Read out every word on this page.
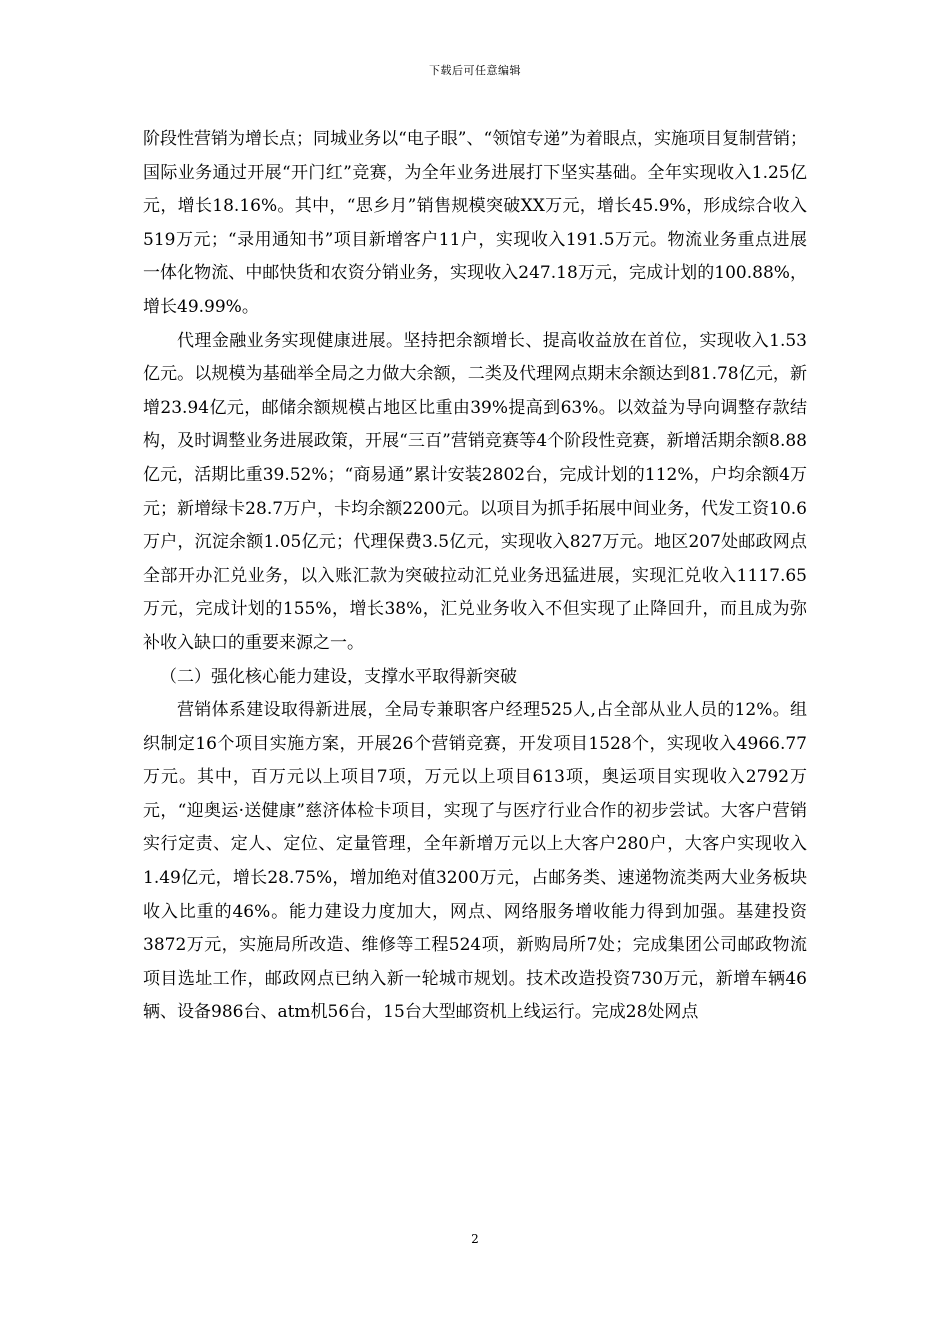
下载后可任意编辑

阶段性营销为增长点；同城业务以“电子眼”、“领馆专递”为着眼点，实施项目复制营销；国际业务通过开展“开门红”竞赛，为全年业务进展打下坚实基础。全年实现收入1.25亿元，增长18.16%。其中，“思乡月”销售规模突破XX万元，增长45.9%，形成综合收入519万元；“录用通知书”项目新增客户11户，实现收入191.5万元。物流业务重点进展一体化物流、中邮快货和农资分销业务，实现收入247.18万元，完成计划的100.88%，增长49.99%。

代理金融业务实现健康进展。坚持把余额增长、提高收益放在首位，实现收入1.53亿元。以规模为基础举全局之力做大余额，二类及代理网点期末余额达到81.78亿元，新增23.94亿元，邮储余额规模占地区比重由39%提高到63%。以效益为导向调整存款结构，及时调整业务进展政策，开展“三百”营销竞赛等4个阶段性竞赛，新增活期余额8.88亿元，活期比重39.52%；“商易通”累计安装2802台，完成计划的112%，户均余额4万元；新增绿卡28.7万户，卡均余额2200元。以项目为抓手拓展中间业务，代发工资10.6万户，沉淀余额1.05亿元；代理保费3.5亿元，实现收入827万元。地区207处邮政网点全部开办汇兑业务，以入账汇款为突破拉动汇兑业务迅猛进展，实现汇兑收入1117.65万元，完成计划的155%，增长38%，汇兑业务收入不但实现了止降回升，而且成为弥补收入缺口的重要来源之一。

（二）强化核心能力建设，支撑水平取得新突破

营销体系建设取得新进展，全局专兼职客户经理525人,占全部从业人员的12%。组织制定16个项目实施方案，开展26个营销竞赛，开发项目1528个，实现收入4966.77万元。其中，百万元以上项目7项，万元以上项目613项，奥运项目实现收入2792万元，“迎奥运·送健康”慈济体检卡项目，实现了与医疗行业合作的初步尝试。大客户营销实行定责、定人、定位、定量管理，全年新增万元以上大客户280户，大客户实现收入1.49亿元，增长28.75%，增加绝对值3200万元，占邮务类、速递物流类两大业务板块收入比重的46%。能力建设力度加大，网点、网络服务增收能力得到加强。基建投资3872万元，实施局所改造、维修等工程524项，新购局所7处；完成集团公司邮政物流项目选址工作，邮政网点已纳入新一轮城市规划。技术改造投资730万元，新增车辆46辆、设备986台、atm机56台，15台大型邮资机上线运行。完成28处网点

2
